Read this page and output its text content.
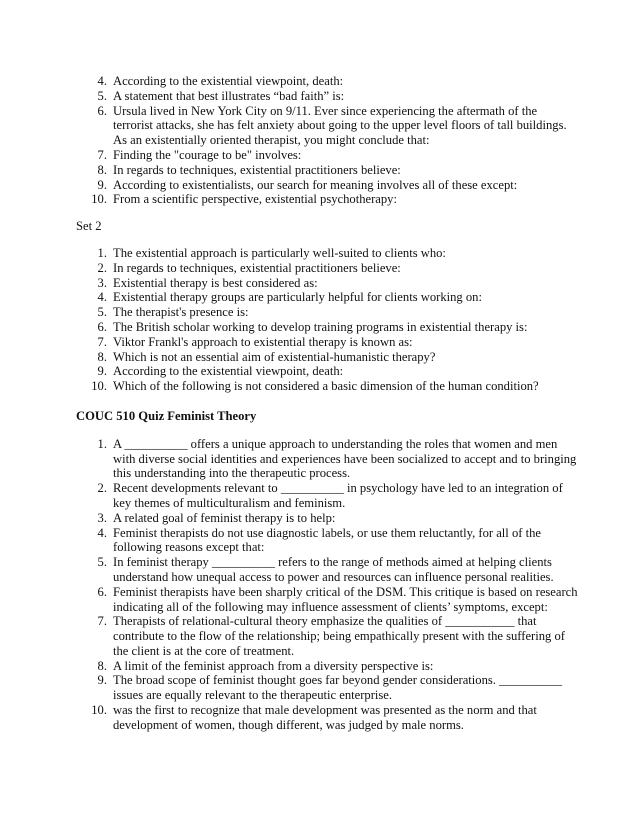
4. According to the existential viewpoint, death:
5. A statement that best illustrates “bad faith” is:
6. Ursula lived in New York City on 9/11. Ever since experiencing the aftermath of the terrorist attacks, she has felt anxiety about going to the upper level floors of tall buildings. As an existentially oriented therapist, you might conclude that:
7. Finding the "courage to be" involves:
8. In regards to techniques, existential practitioners believe:
9. According to existentialists, our search for meaning involves all of these except:
10. From a scientific perspective, existential psychotherapy:
Set 2
1. The existential approach is particularly well-suited to clients who:
2. In regards to techniques, existential practitioners believe:
3. Existential therapy is best considered as:
4. Existential therapy groups are particularly helpful for clients working on:
5. The therapist's presence is:
6. The British scholar working to develop training programs in existential therapy is:
7. Viktor Frankl's approach to existential therapy is known as:
8. Which is not an essential aim of existential-humanistic therapy?
9. According to the existential viewpoint, death:
10. Which of the following is not considered a basic dimension of the human condition?
COUC 510 Quiz Feminist Theory
1. A __________ offers a unique approach to understanding the roles that women and men with diverse social identities and experiences have been socialized to accept and to bringing this understanding into the therapeutic process.
2. Recent developments relevant to __________ in psychology have led to an integration of key themes of multiculturalism and feminism.
3. A related goal of feminist therapy is to help:
4. Feminist therapists do not use diagnostic labels, or use them reluctantly, for all of the following reasons except that:
5. In feminist therapy __________ refers to the range of methods aimed at helping clients understand how unequal access to power and resources can influence personal realities.
6. Feminist therapists have been sharply critical of the DSM. This critique is based on research indicating all of the following may influence assessment of clients’ symptoms, except:
7. Therapists of relational-cultural theory emphasize the qualities of ___________ that contribute to the flow of the relationship; being empathically present with the suffering of the client is at the core of treatment.
8. A limit of the feminist approach from a diversity perspective is:
9. The broad scope of feminist thought goes far beyond gender considerations. __________ issues are equally relevant to the therapeutic enterprise.
10. was the first to recognize that male development was presented as the norm and that development of women, though different, was judged by male norms.
